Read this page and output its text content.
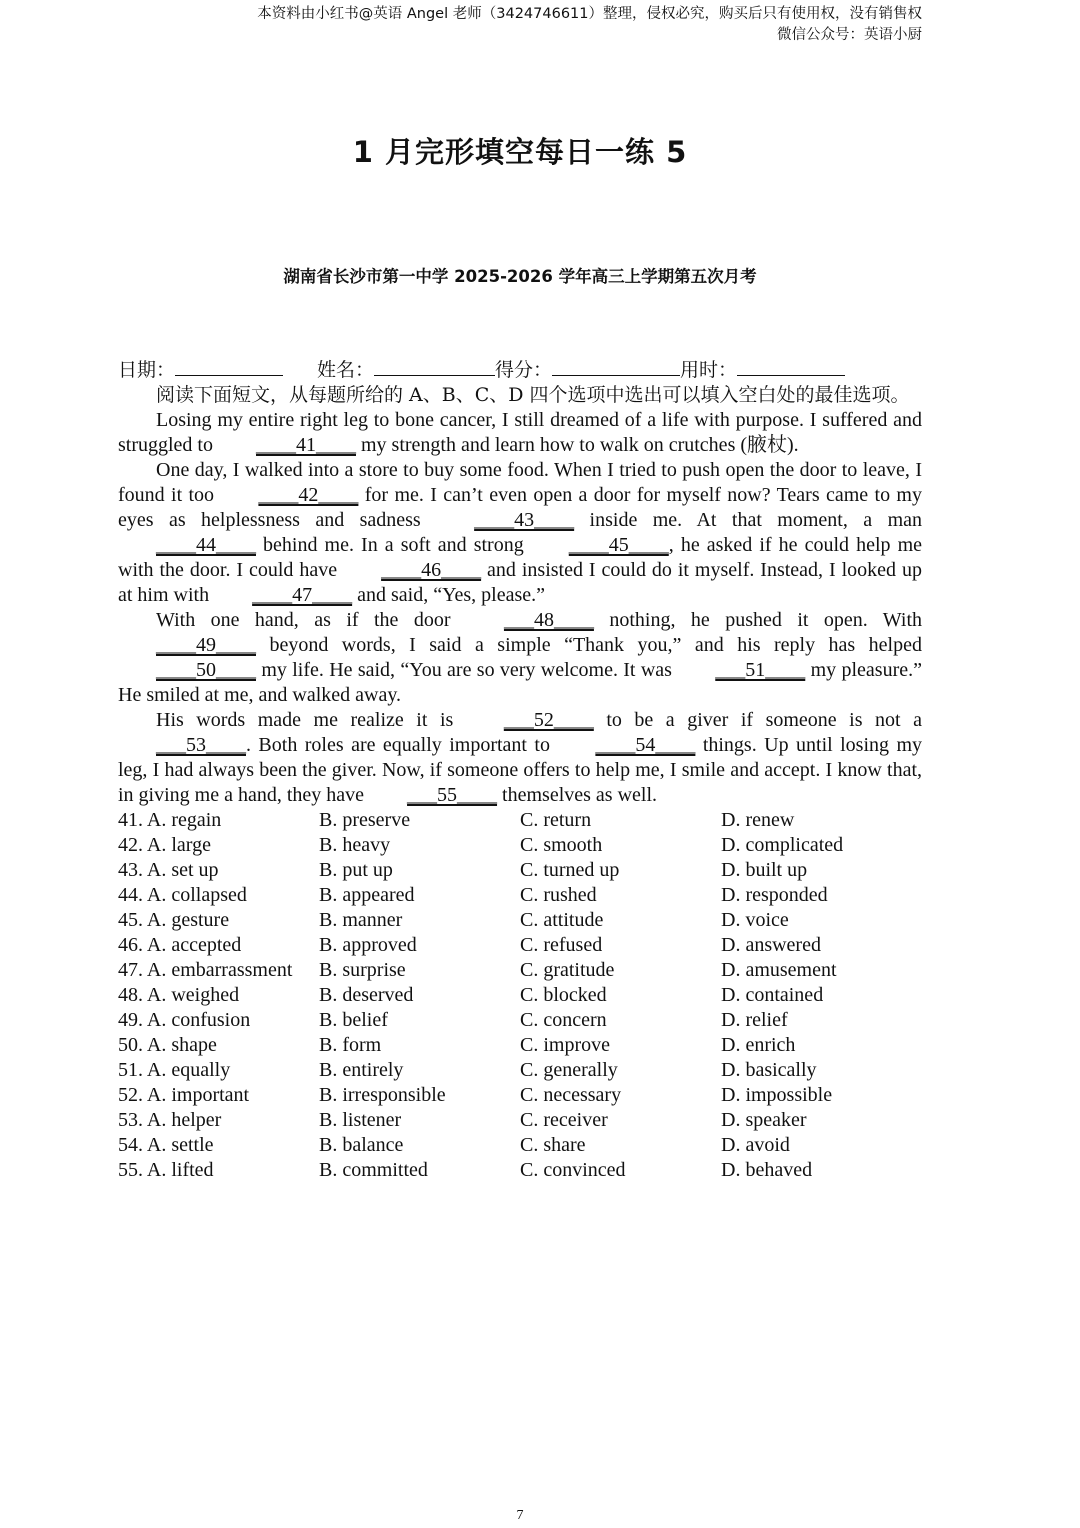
本资料由小红书@英语 Angel 老师（3424746611）整理，侵权必究，购买后只有使用权，没有销售权
微信公众号：英语小厨
1 月完形填空每日一练 5
湖南省长沙市第一中学 2025-2026 学年高三上学期第五次月考
日期：	姓名：	得分：	用时：

阅读下面短文，从每题所给的 A、B、C、D 四个选项中选出可以填入空白处的最佳选项。

Losing my entire right leg to bone cancer, I still dreamed of a life with purpose. I suffered and struggled to ____41____ my strength and learn how to walk on crutches (腋杖).

One day, I walked into a store to buy some food. When I tried to push open the door to leave, I found it too ____42____ for me. I can’t even open a door for myself now? Tears came to my eyes as helplessness and sadness ____43____ inside me. At that moment, a man ____44____ behind me. In a soft and strong ____45____, he asked if he could help me with the door. I could have ____46____ and insisted I could do it myself. Instead, I looked up at him with ____47____ and said, “Yes, please.”

With one hand, as if the door ___48____ nothing, he pushed it open. With ____49____ beyond words, I said a simple “Thank you,” and his reply has helped ____50____ my life. He said, “You are so very welcome. It was ___51____ my pleasure.” He smiled at me, and walked away.

His words made me realize it is ___52____ to be a giver if someone is not a ___53____. Both roles are equally important to ____54____ things. Up until losing my leg, I had always been the giver. Now, if someone offers to help me, I smile and accept. I know that, in giving me a hand, they have ___55____ themselves as well.

41. A. regain	B. preserve	C. return	D. renew
42. A. large	B. heavy	C. smooth	D. complicated
43. A. set up	B. put up	C. turned up	D. built up
44. A. collapsed	B. appeared	C. rushed	D. responded
45. A. gesture	B. manner	C. attitude	D. voice
46. A. accepted	B. approved	C. refused	D. answered
47. A. embarrassment	B. surprise	C. gratitude	D. amusement
48. A. weighed	B. deserved	C. blocked	D. contained
49. A. confusion	B. belief	C. concern	D. relief
50. A. shape	B. form	C. improve	D. enrich
51. A. equally	B. entirely	C. generally	D. basically
52. A. important	B. irresponsible	C. necessary	D. impossible
53. A. helper	B. listener	C. receiver	D. speaker
54. A. settle	B. balance	C. share	D. avoid
55. A. lifted	B. committed	C. convinced	D. behaved
7
